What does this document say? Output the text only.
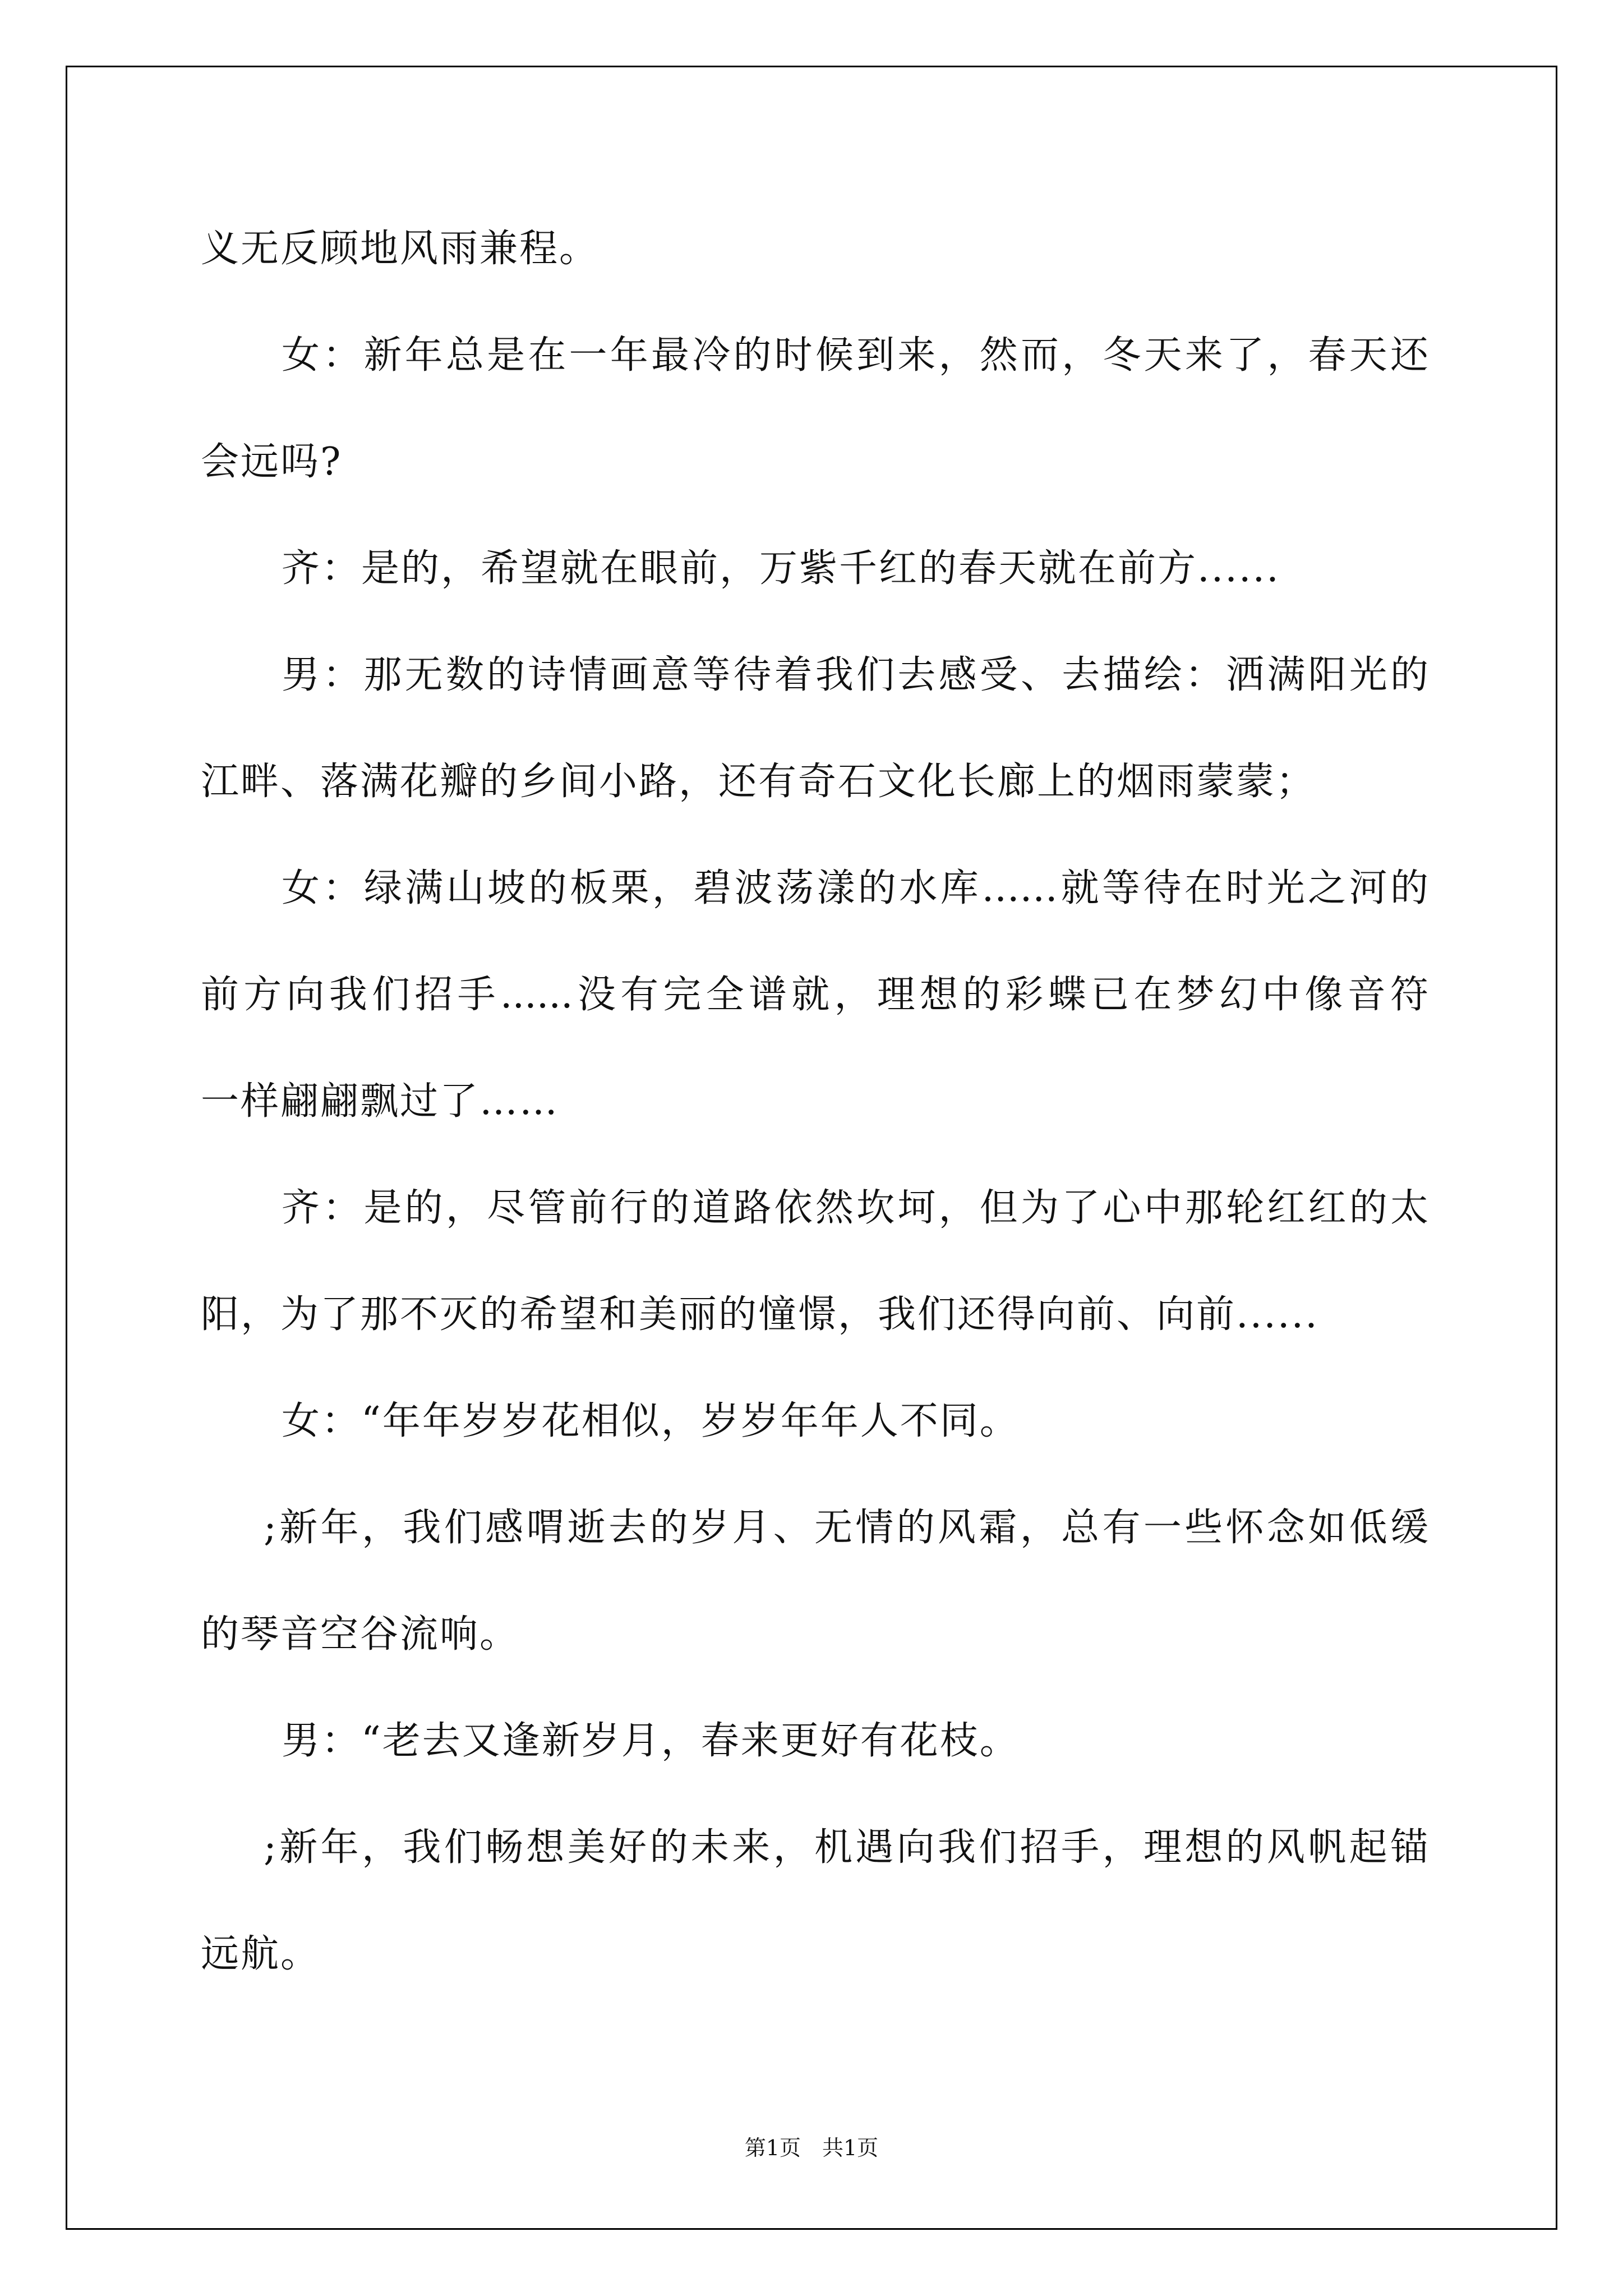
义无反顾地风雨兼程。
女：新年总是在一年最冷的时候到来，然而，冬天来了，春天还
会远吗?
齐：是的，希望就在眼前，万紫千红的春天就在前方......
男：那无数的诗情画意等待着我们去感受、去描绘：洒满阳光的
江畔、落满花瓣的乡间小路，还有奇石文化长廊上的烟雨蒙蒙；
女：绿满山坡的板栗，碧波荡漾的水库……就等待在时光之河的
前方向我们招手......没有完全谱就，理想的彩蝶已在梦幻中像音符
一样翩翩飘过了……
齐：是的，尽管前行的道路依然坎坷，但为了心中那轮红红的太
阳，为了那不灭的希望和美丽的憧憬，我们还得向前、向前......
女：“年年岁岁花相似，岁岁年年人不同。
;新年，我们感喟逝去的岁月、无情的风霜，总有一些怀念如低缓
的琴音空谷流响。
男：“老去又逢新岁月，春来更好有花枝。
;新年，我们畅想美好的未来，机遇向我们招手，理想的风帆起锚
远航。
第1页　共1页
